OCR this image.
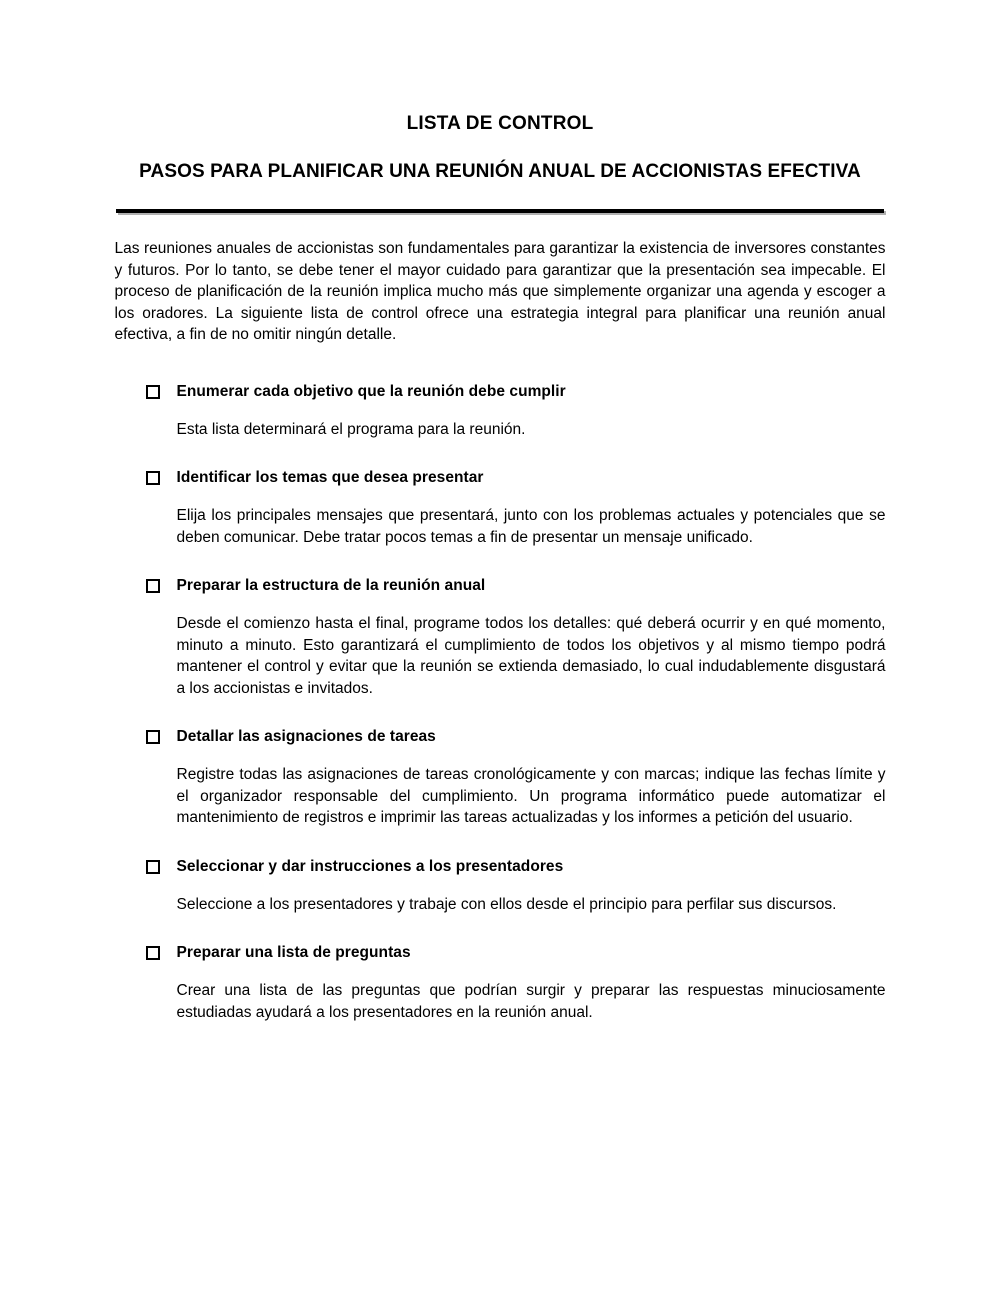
LISTA DE CONTROL
PASOS PARA PLANIFICAR UNA REUNIÓN ANUAL DE ACCIONISTAS EFECTIVA

Las reuniones anuales de accionistas son fundamentales para garantizar la existencia de inversores constantes y futuros. Por lo tanto, se debe tener el mayor cuidado para garantizar que la presentación sea impecable. El proceso de planificación de la reunión implica mucho más que simplemente organizar una agenda y escoger a los oradores. La siguiente lista de control ofrece una estrategia integral para planificar una reunión anual efectiva, a fin de no omitir ningún detalle.

Enumerar cada objetivo que la reunión debe cumplir

Esta lista determinará el programa para la reunión.

Identificar los temas que desea presentar

Elija los principales mensajes que presentará, junto con los problemas actuales y potenciales que se deben comunicar. Debe tratar pocos temas a fin de presentar un mensaje unificado.

Preparar la estructura de la reunión anual

Desde el comienzo hasta el final, programe todos los detalles: qué deberá ocurrir y en qué momento, minuto a minuto. Esto garantizará el cumplimiento de todos los objetivos y al mismo tiempo podrá mantener el control y evitar que la reunión se extienda demasiado, lo cual indudablemente disgustará a los accionistas e invitados.

Detallar las asignaciones de tareas

Registre todas las asignaciones de tareas cronológicamente y con marcas; indique las fechas límite y el organizador responsable del cumplimiento. Un programa informático puede automatizar el mantenimiento de registros e imprimir las tareas actualizadas y los informes a petición del usuario.

Seleccionar y dar instrucciones a los presentadores

Seleccione a los presentadores y trabaje con ellos desde el principio para perfilar sus discursos.

Preparar una lista de preguntas

Crear una lista de las preguntas que podrían surgir y preparar las respuestas minuciosamente estudiadas ayudará a los presentadores en la reunión anual.
